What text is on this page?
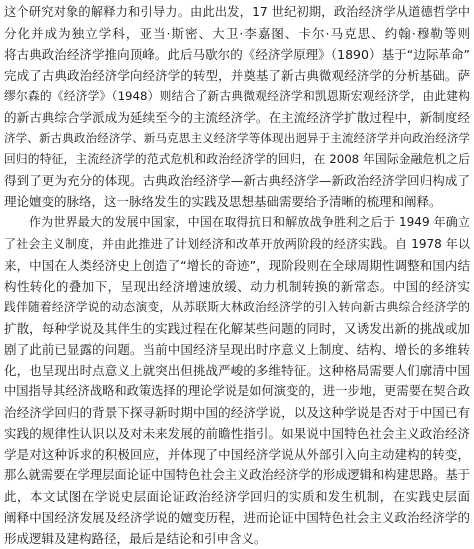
这个研究对象的解释力和引导力。由此出发，17 世纪初期，政治经济学从道德哲学中
分化并成为独立学科，亚当·斯密、大卫·李嘉图、卡尔·马克思、约翰·穆勒等则
将古典政治经济学推向顶峰。此后马歇尔的《经济学原理》（1890）基于“边际革命”
完成了古典政治经济学向经济学的转型，并奠基了新古典微观经济学的分析基础。萨
缪尔森的《经济学》（1948）则结合了新古典微观经济学和凯恩斯宏观经济学，由此建构
的新古典综合学派成为延续至今的主流经济学。在主流经济学扩散过程中，新制度经
济学、新古典政治经济学、新马克思主义经济学等体现出迥异于主流经济学并向政治经济学
回归的特征，主流经济学的范式危机和政治经济学的回归，在 2008 年国际金融危机之后
得到了更为充分的体现。古典政治经济学—新古典经济学—新政治经济学回归构成了
理论嬗变的脉络，这一脉络发生的实践及思想基础需要给予清晰的梳理和阐释。
作为世界最大的发展中国家，中国在取得抗日和解放战争胜利之后于 1949 年确立
了社会主义制度，并由此推进了计划经济和改革开放两阶段的经济实践。自 1978 年以
来，中国在人类经济史上创造了“增长的奇迹”，现阶段则在全球周期性调整和国内结
构性转化的叠加下，呈现出经济增速放缓、动力机制转换的新常态。中国的经济实
践伴随着经济学说的动态演变，从苏联斯大林政治经济学的引入转向新古典综合经济学的
扩散，每种学说及其伴生的实践过程在化解某些问题的同时，又诱发出新的挑战或加
剧了此前已显露的问题。当前中国经济呈现出时序意义上制度、结构、增长的多维转
化，也呈现出时点意义上就突出但挑战严峻的多维特征。这种格局需要人们廓清中国
中国指导其经济战略和政策选择的理论学说是如何演变的，进一步地，更需要在契合政
治经济学回归的背景下探寻新时期中国的经济学说，以及这种学说是否对于中国已有
实践的规律性认识以及对未来发展的前瞻性指引。如果说中国特色社会主义政治经济
学是对这种诉求的积极回应，并体现了中国经济学说从外部引入向主动建构的转变，
那么就需要在学理层面论证中国特色社会主义政治经济学的形成逻辑和构建思路。基于
此，本文试图在学说史层面论证政治经济学回归的实质和发生机制，在实践史层面
阐释中国经济发展及经济学说的嬗变历程，进而论证中国特色社会主义政治经济学的
形成逻辑及建构路径，最后是结论和引申含义。
